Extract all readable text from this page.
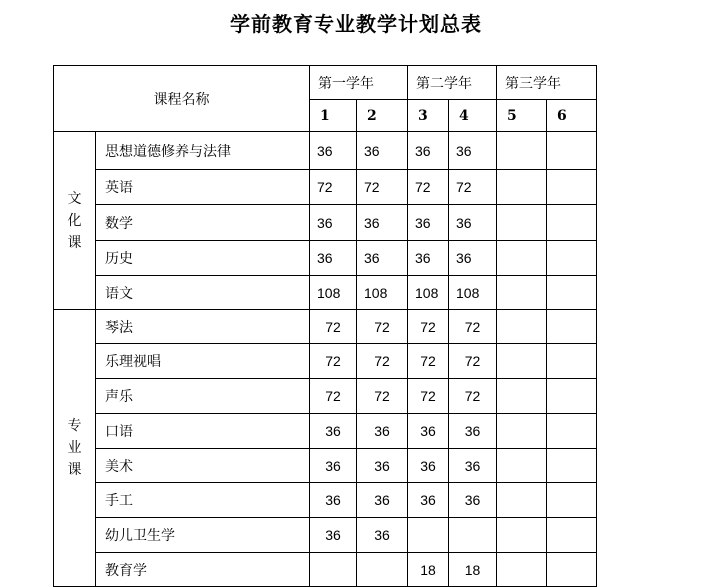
学前教育专业教学计划总表
课程名称		第一学年		第二学年		第三学年	
		1	2	3	4	5	6
文
化
课	思想道德修养与法律	36	36	36	36		
	英语	72	72	72	72		
	数学	36	36	36	36		
	历史	36	36	36	36		
	语文	108	108	108	108		
专
业
课	琴法	72	72	72	72		
	乐理视唱	72	72	72	72		
	声乐	72	72	72	72		
	口语	36	36	36	36		
	美术	36	36	36	36		
	手工	36	36	36	36		
	幼儿卫生学	36	36				
	教育学			18	18		
